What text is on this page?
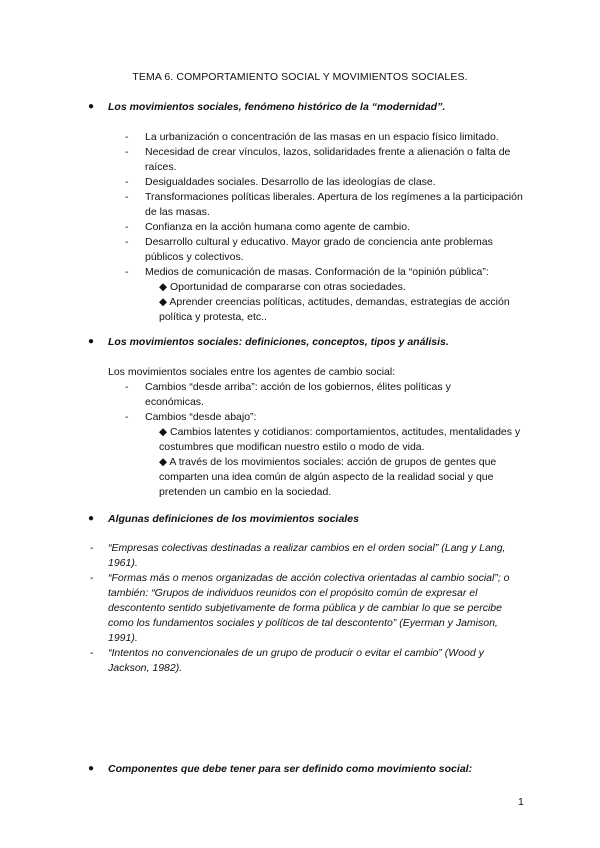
TEMA 6. COMPORTAMIENTO SOCIAL Y MOVIMIENTOS SOCIALES.
● Los movimientos sociales, fenómeno histórico de la “modernidad”.
- La urbanización o concentración de las masas en un espacio físico limitado.
- Necesidad de crear vínculos, lazos, solidaridades frente a alienación o falta de raíces.
- Desigualdades sociales. Desarrollo de las ideologías de clase.
- Transformaciones políticas liberales. Apertura de los regímenes a la participación de las masas.
- Confianza en la acción humana como agente de cambio.
- Desarrollo cultural y educativo. Mayor grado de conciencia ante problemas públicos y colectivos.
- Medios de comunicación de masas. Conformación de la “opinión pública”:
◆ Oportunidad de compararse con otras sociedades.
◆ Aprender creencias políticas, actitudes, demandas, estrategias de acción política y protesta, etc..
● Los movimientos sociales: definiciones, conceptos, tipos y análisis.
Los movimientos sociales entre los agentes de cambio social:
- Cambios “desde arriba”: acción de los gobiernos, élites políticas y económicas.
- Cambios “desde abajo”:
◆ Cambios latentes y cotidianos: comportamientos, actitudes, mentalidades y costumbres que modifican nuestro estilo o modo de vida.
◆ A través de los movimientos sociales: acción de grupos de gentes que comparten una idea común de algún aspecto de la realidad social y que pretenden un cambio en la sociedad.
● Algunas definiciones de los movimientos sociales
- “Empresas colectivas destinadas a realizar cambios en el orden social” (Lang y Lang, 1961).
- “Formas más o menos organizadas de acción colectiva orientadas al cambio social”; o también: “Grupos de individuos reunidos con el propósito común de expresar el descontento sentido subjetivamente de forma pública y de cambiar lo que se percibe como los fundamentos sociales y políticos de tal descontento” (Eyerman y Jamison, 1991).
- “Intentos no convencionales de un grupo de producir o evitar el cambio” (Wood y Jackson, 1982).
● Componentes que debe tener para ser definido como movimiento social:
1
